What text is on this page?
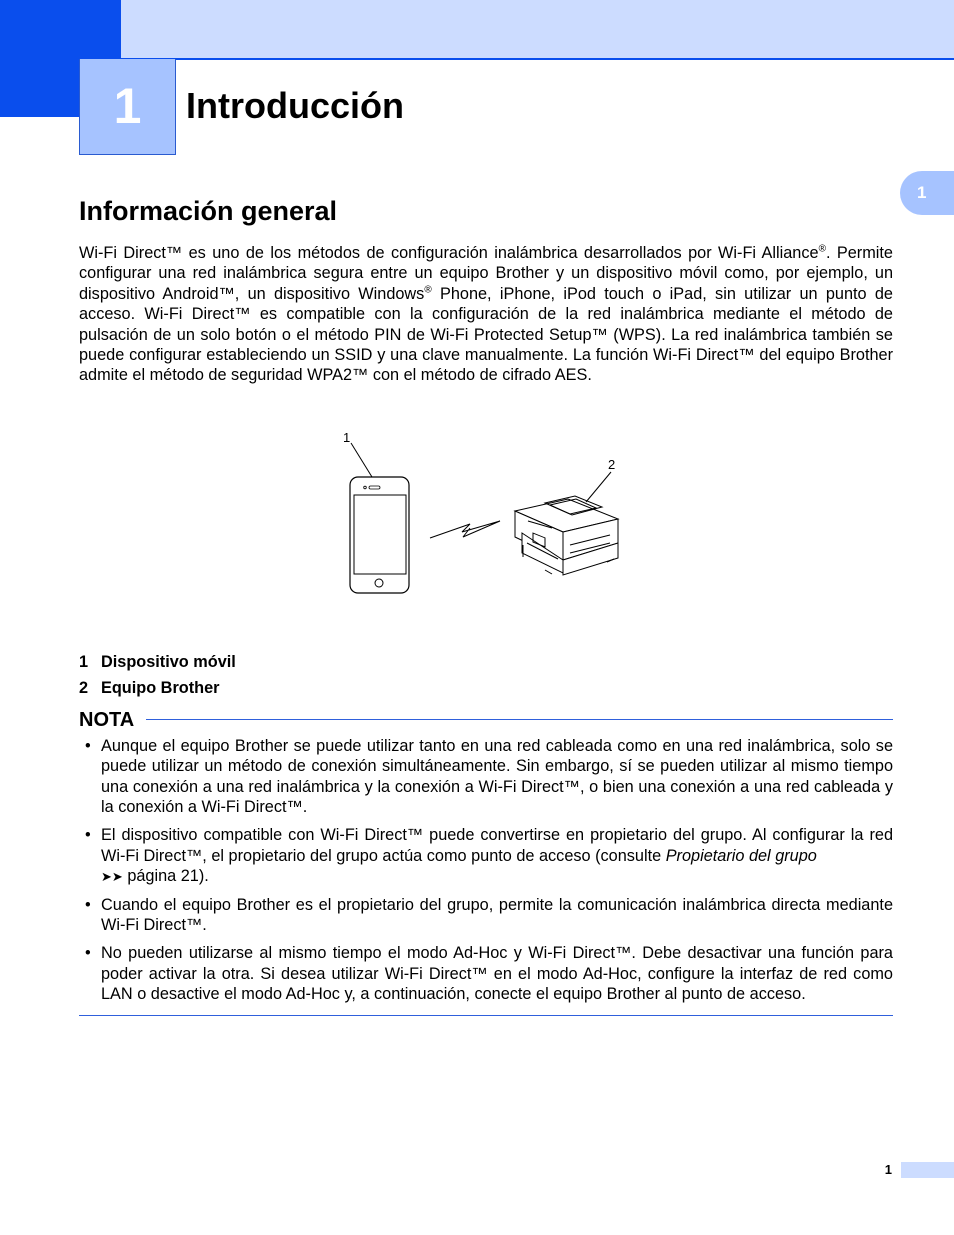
1	Introducción
1
Información general

Wi-Fi Direct™ es uno de los métodos de configuración inalámbrica desarrollados por Wi-Fi Alliance®. Permite configurar una red inalámbrica segura entre un equipo Brother y un dispositivo móvil como, por ejemplo, un dispositivo Android™, un dispositivo Windows® Phone, iPhone, iPod touch o iPad, sin utilizar un punto de acceso. Wi-Fi Direct™ es compatible con la configuración de la red inalámbrica mediante el método de pulsación de un solo botón o el método PIN de Wi-Fi Protected Setup™ (WPS). La red inalámbrica también se puede configurar estableciendo un SSID y una clave manualmente. La función Wi-Fi Direct™ del equipo Brother admite el método de seguridad WPA2™ con el método de cifrado AES.

1
2
1 Dispositivo móvil
2 Equipo Brother
NOTA
• Aunque el equipo Brother se puede utilizar tanto en una red cableada como en una red inalámbrica, solo se puede utilizar un método de conexión simultáneamente. Sin embargo, sí se pueden utilizar al mismo tiempo una conexión a una red inalámbrica y la conexión a Wi-Fi Direct™, o bien una conexión a una red cableada y la conexión a Wi-Fi Direct™.
• El dispositivo compatible con Wi-Fi Direct™ puede convertirse en propietario del grupo. Al configurar la red Wi-Fi Direct™, el propietario del grupo actúa como punto de acceso (consulte Propietario del grupo
➤➤ página 21).
• Cuando el equipo Brother es el propietario del grupo, permite la comunicación inalámbrica directa mediante Wi-Fi Direct™.
• No pueden utilizarse al mismo tiempo el modo Ad-Hoc y Wi-Fi Direct™. Debe desactivar una función para poder activar la otra. Si desea utilizar Wi-Fi Direct™ en el modo Ad-Hoc, configure la interfaz de red como LAN o desactive el modo Ad-Hoc y, a continuación, conecte el equipo Brother al punto de acceso.
1
